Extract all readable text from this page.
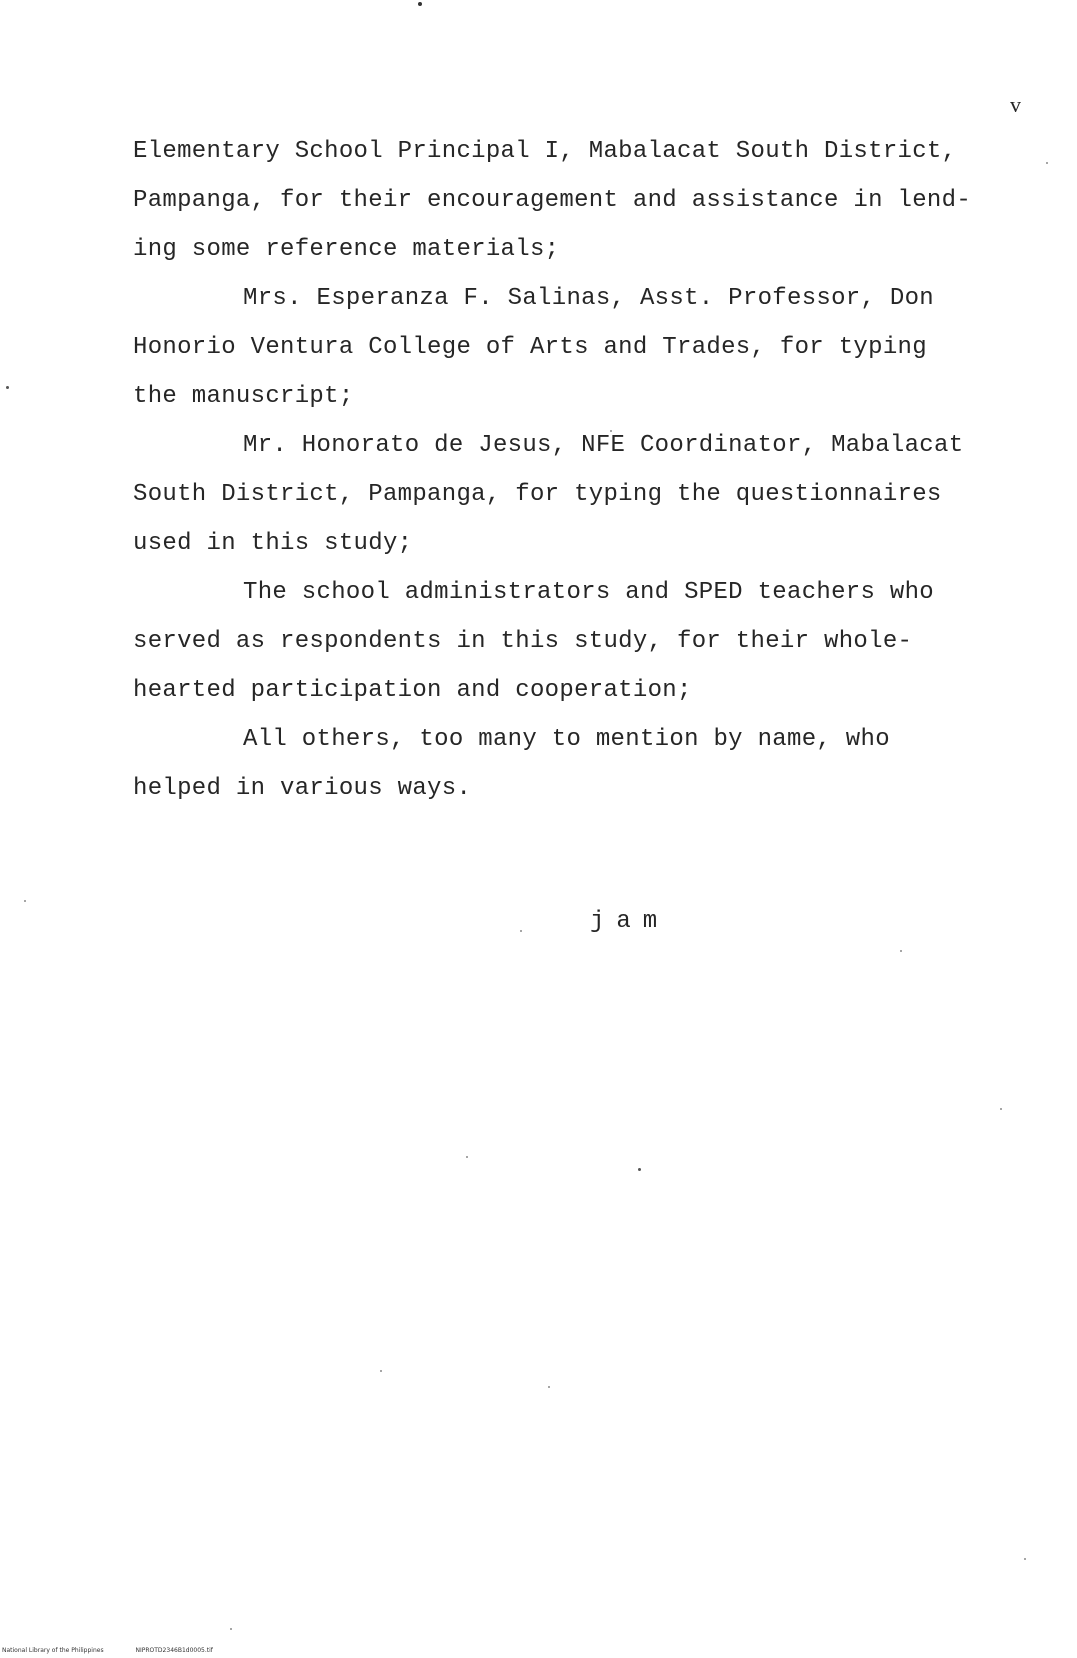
v
Elementary School Principal I, Mabalacat South District,
Pampanga, for their encouragement and assistance in lend-
ing some reference materials;
Mrs. Esperanza F. Salinas, Asst. Professor, Don
Honorio Ventura College of Arts and Trades, for typing
the manuscript;
Mr. Honorato de Jesus, NFE Coordinator, Mabalacat
South District, Pampanga, for typing the questionnaires
used in this study;
The school administrators and SPED teachers who
served as respondents in this study, for their whole-
hearted participation and cooperation;
All others, too many to mention by name, who
helped in various ways.
jam
National Library of the Philippines	NIPROTD2346B1d0005.tif
